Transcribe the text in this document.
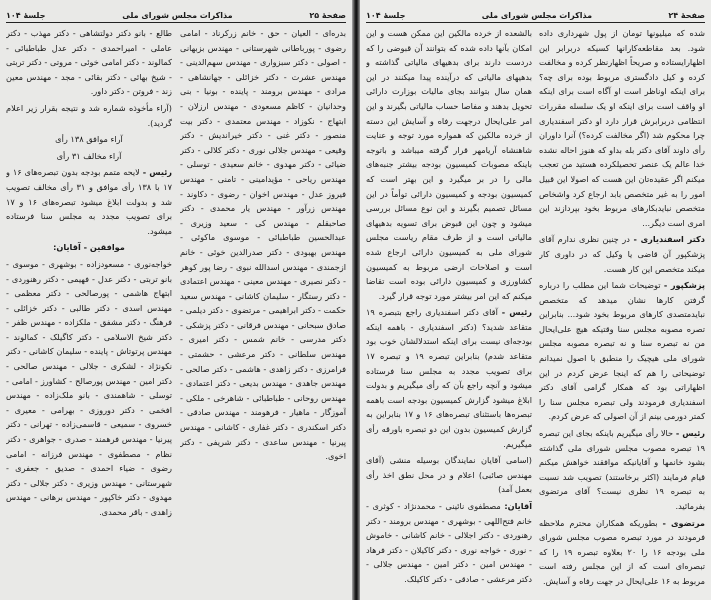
صفحهٔ ۲۵
مذاکرات مجلس شورای ملی
جلسهٔ ۱۰۴

بدره‌ای - العیان - حق - خانم زرکرناد - امامی رضوی - پورباطانی شهرستانی - مهندس بزبهانی - اصولی - دکتر سبزواری - مهندس سهم‌الدینی - مهندس عشرت - دکتر خزائلی - جهانشاهی - مرادی - مهندس برومند - پاینده - بونیا - بنی وحدانیان - کاظم مسعودی - مهندس ارزلان - ابتهاج - نکوزاد - مهندس معتمدی - دکتر بیت منصور - دکتر غنی - دکتر خیراندیش - دکتر وقیعی - مهندس جلالی نوری - دکتر کلالی - دکتر ضیائی - دکتر مهدوی - خانم سعیدی - توسلی - مهندس ریاحی - مؤیدامینی - تامنی - مهندس فیروز عدل - مهندس اخوان - رضوی - دکاوند - مهندس زرآور - مهندس یار محمدی - دکتر صاحبقلم - مهندس کی - سعید وزیری - عبدالحسین طباطبائی - موسوی ماکوئی - مهندس بهبودی - دکتر صدرالدین خوئی - خانم ازجمندی - مهندس اسدالله نبوی - رضا پور کوهر - دکتر نصیری - مهندس معینی - مهندس اعتمادی - دکتر رستگار - سلیمان کاشانی - مهندس سعید حکمت - دکتر ابراهیمی - مرتضوی - دکتر دیلمی - صادق سبحانی - مهندس فرقانی - دکتر پزشکی - دکتر مدرسی - خانم شمس - دکتر امیری - مهندس سلطانی - دکتر مرعشی - حشمتی - فرامرزی - دکتر زاهدی - هاشمی - دکتر صالحی - مهندس جاهدی - مهندس بدیعی - دکتر اعتمادی - مهندس روحانی - طباطبائی - شاهرخی - ملکی - آموزگار - ماهیار - فرهومند - مهندس صادقی - دکتر اسکندری - دکتر غفاری - کاشانی - مهندس پیرنیا - مهندس ساعدی - دکتر شریفی - دکتر اخوی.

طالع - بانو دکتر دولتشاهی - دکتر مهذب - دکتر عاملی - امیراحمدی - دکتر عدل طباطبائی - کمالوند - دکتر امامی خوئی - مروتی - دکتر تربتی - شیخ بهائی - دکتر بقائی - مجد - مهندس معین زند - فروتن - دکتر داور.

(آراء مأخوذه شماره شد و نتیجه بقرار زیر اعلام گردید).

آراء موافق ۱۳۸ رأی

آراء مخالف ۳۱ رأی

رئیس - لایحه متمم بودجه بدون تبصره‌های ۱۶ و ۱۷ با ۱۳۸ رأی موافق و ۳۱ رأی مخالف تصویب شد و بدولت ابلاغ میشود تبصره‌های ۱۶ و ۱۷ برای تصویب مجدد به مجلس سنا فرستاده میشود.

موافقین - آقایان:

خواجه‌نوری - مسعودزاده - بوشهری - موسوی - بانو تربتی - دکتر عدل - فهیمی - دکتر رهنوردی - ابتهاج هاشمی - پورصالحی - دکتر معظمی - مهندس اسدی - دکتر طالبی - دکتر خزائلی - فرهنگ - دکتر مشفق - ملکزاده - مهندس ظفر - دکتر شیخ الاسلامی - دکتر کاگیلک - کمالوند - مهندس پرتوتاش - پاینده - سلیمان کاشانی - دکتر نکونژاد - لشکری - جلالی - مهندس صالحی - دکتر امین - مهندس پورصالح - کشاورز - امامی - توسلی - شاهمندی - بانو ملک‌زاده - مهندس افخمی - دکتر دوروزی - بهرامی - معیری - خسروی - سمیعی - قاسمی‌زاده - تهرانی - دکتر پیرنیا - مهندس فرهمند - صدری - جواهری - دکتر نظام - مصطفوی - مهندس فرزانه - امامی رضوی - ضیاء احمدی - صدیق - جعفری - شهرستانی - مهندس وزیری - دکتر جلالی - دکتر مهدوی - دکتر خاکپور - مهندس برهانی - مهندس زاهدی - باقر محمدی.

صفحهٔ ۲۴
مذاکرات مجلس شورای ملی
جلسهٔ ۱۰۴

شده که میلیونها تومان از پول شهرداری داده شود. بعد مقاطعه‌کارانها کسیکه دربرابر این اظهارایستاده و صریحاً اظهارنظر کرده و مخالفت کرده و کیل دادگستری مربوط بوده برای چه؟ برای اینکه اوناظر است او آگاه است برای اینکه او واقف است برای اینکه او یک سلسله مقررات انتظامی دربرابرش قرار دارد او دکتر اسفندیاری چرا محکوم شد (اگر مخالفت کرده؟) آنرا داوران رأی داوند آقای دکتر بله بداو که هنوز احاله نشده خدا عالم یک عنصر تحصیلکرده هستید من تعجب میکنم اگر عقیده‌تان این هست که اصولا این قبیل امور را به غیر متخصص بابد ارجاع کرد واشخاص متخصص نبایدبکارهای مربوط بخود بپردازند این امری است دیگر...

دکتر اسفندیاری - در چنین نظری ندارم آقای پزشکپور آن قاضی یا وکیل که در داوری کار میکند متخصص این کار هست.

پزشکپور - توضیحات شما این مطلب را درباره گرفتن کارها نشان میدهد که متخصص نبایدمتصدی کارهای مربوط بخود شود... بنابراین تصره مصوبه مجلس سنا وقتیکه هیچ علی‌ایحال من نه تبصره سنا و نه تبصره مصوبه مجلس شورای ملی هیچیک را منطبق با اصول نمیدانم توضیحاتی را هم که اینجا عرض کردم در این اظهاراتی بود که همکار گرامی آقای دکتر اسفندیاری فرمودند ولی تبصره مجلس سنا را کمتر دورمی بینم از آن اصولی که عرض کردم.

رئیس - حالا رأی میگیریم باینکه بجای این تبصره ۱۹ تبصره مصوب مجلس شورای ملی گذاشته بشود خانمها و آقایانیکه موافقند خواهش میکنم قیام فرمایند (اکثر برخاستند) تصویب شد نسبت به تبصره ۱۹ نظری نیست؟ آقای مرتضوی بفرمائید.

مرتضوی - بطوریکه همکاران محترم ملاحظه فرمودند در مورد تبصره مصوب مجلس شورای ملی بودجه ۱۶ را ۲۰ بعلاوه تبصره ۱۹ را که تبصره‌ای است که از این مجلس رفته است مربوط به ۱۶ علی‌ایحال در جهت رفاه و آسایش.

بالشعده از خرده مالکین این ممکن هست و این امکان بآنها داده شده که بتوانند آن قبوضی را که دردست دارند برای بدهیهای مالیاتی گذاشته و بدهیهای مالیاتی که درآینده پیدا میکنند در این همان سال بتوانند بجای مالیات بوزارت دارائی تحویل بدهند و مفاصا حساب مالیاتی بگیرند و این امر علی‌ایحال درجهت رفاه و آسایش این دسته از خرده مالکین که همواره مورد توجه و عنایت شاهنشاه آریامهر قرار گرفته میباشد و باتوجه باینکه مصوبات کمیسیون بودجه بیشتر جنبه‌های مالی را در بر میگیرد و این بهتر است که کمیسیون بودجه و کمیسیون دارائی توأماً در این مسائل تصمیم بگیرند و این نوع مسائل بررسی میشود و چون این قبوض برای تسویه بدهیهای مالیاتی است و از طرف مقام ریاست مجلس شورای ملی به کمیسیون دارائی ارجاع شده است و اصلاحات ارضی مربوط به کمیسیون کشاورزی و کمیسیون دارائی بوده است تقاضا میکنم که این امر بیشتر مورد توجه قرار گیرد.

رئیس - آقای دکتر اسفندیاری راجع بتبصره ۱۹ متقاعد شدید؟ (دکتر اسفندیاری - باهمه اینکه بودجه‌ای نیست برای اینکه استدلالشان خوب بود متقاعد شدم) بنابراین تبصره ۱۹ و تبصره ۱۷ برای تصویب مجدد به مجلس سنا فرستاده میشود و آنچه راجع بآن که رأی میگیریم و بدولت ابلاغ میشود گزارش کمیسیون بودجه است باهمه تبصره‌ها باستثنای تبصره‌های ۱۶ و ۱۷ بنابراین به گزارش کمیسیون بدون این دو تبصره باورقه رأی میگیریم.

(اسامی آقایان نمایندگان بوسیله منشی (آقای مهندس صائبی) اعلام و در محل نطق اخذ رأی بعمل آمد)

آقایان: مصطفوی نائینی - محمدنژاد - کوثری - خانم فتح‌اللهی - بوشهری - مهندس برومند - دکتر رهنوردی - دکتر اجلالی - خانم کاشانی - خاموش - نوری - خواجه نوری - دکتر کاکیلان - دکتر فرهاد - مهندس امین - دکتر امین - مهندس جلالی - دکتر مرعشی - صادقی - دکتر کاکیلک.
